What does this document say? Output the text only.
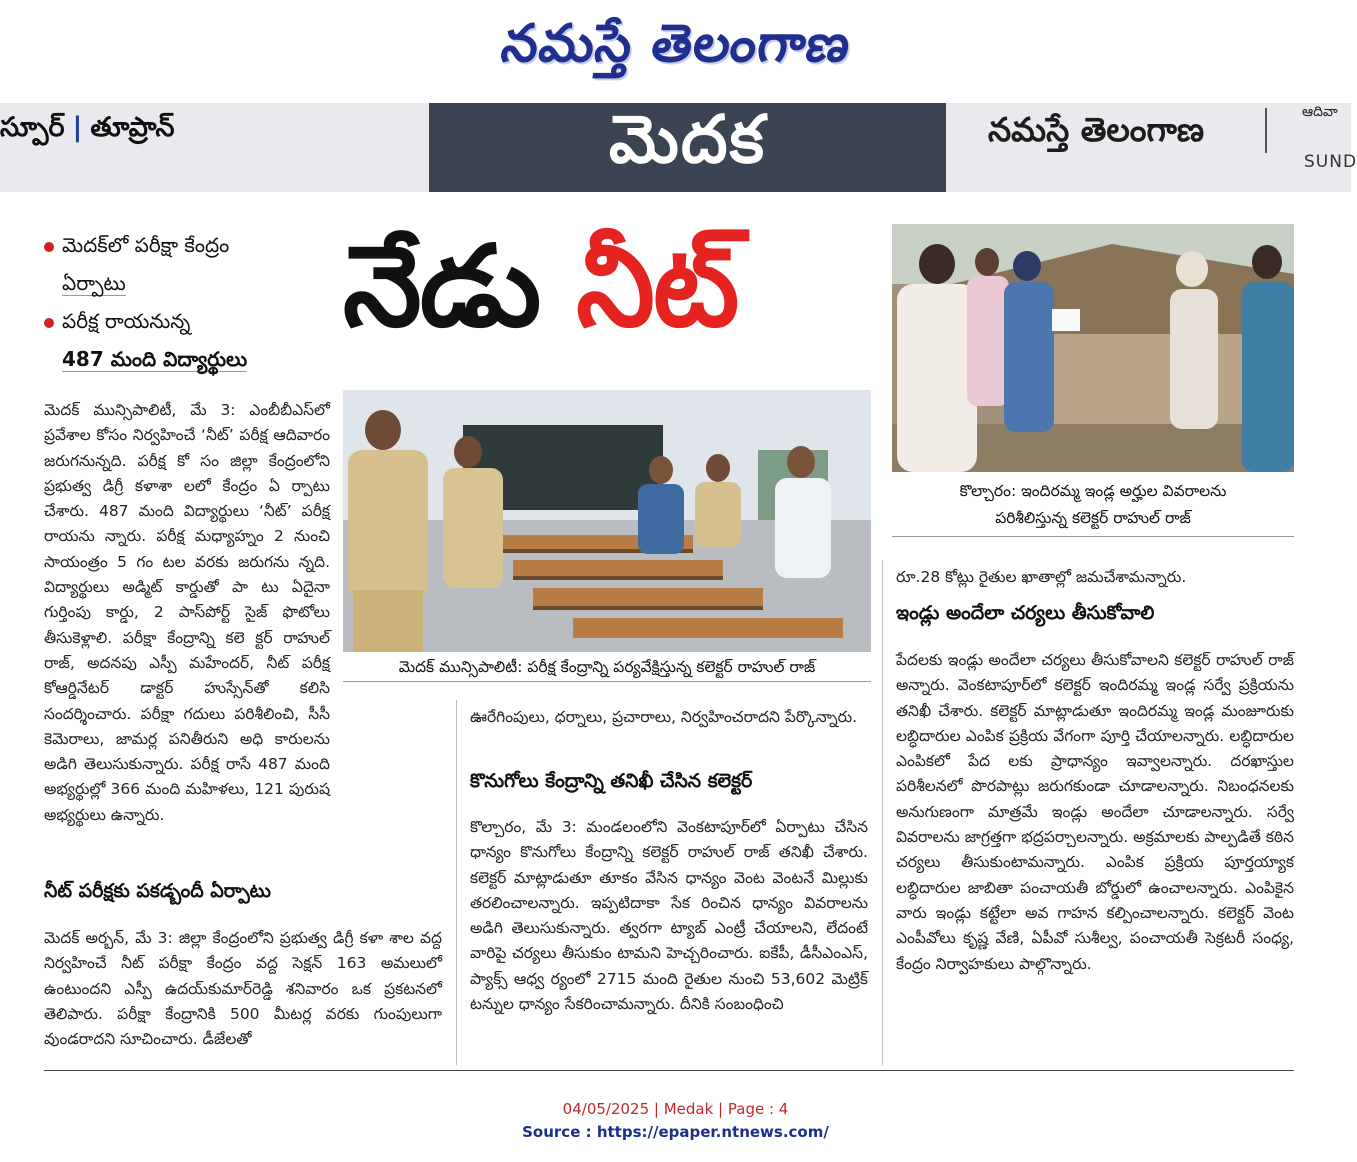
నమస్తే తెలంగాణ
స్పూర్ | తూప్రాన్	మెదక	నమస్తే తెలంగాణ	ఆదివా
SUND
మెదక్‌లో పరీక్షా కేంద్రం
ఏర్పాటు
పరీక్ష రాయనున్న
487 మంది విద్యార్థులు
నేడు నీట్
మెదక్ మున్సిపాలిటీ: పరీక్ష కేంద్రాన్ని పర్యవేక్షిస్తున్న కలెక్టర్ రాహుల్ రాజ్
కొల్చారం: ఇందిరమ్మ ఇండ్ల అర్హుల వివరాలను
పరిశీలిస్తున్న కలెక్టర్ రాహుల్ రాజ్
మెదక్ మున్సిపాలిటీ, మే 3: ఎంబీబీఎస్‌లో ప్రవేశాల కోసం నిర్వహించే ‘నీట్’ పరీక్ష ఆదివారం జరుగనున్నది. పరీక్ష కో సం జిల్లా కేంద్రంలోని ప్రభుత్వ డిగ్రీ కళాశా లలో కేంద్రం ఏ ర్పాటు చేశారు. 487 మంది విద్యార్థులు ‘నీట్’ పరీక్ష రాయను న్నారు. పరీక్ష మధ్యాహ్నం 2 నుంచి సాయంత్రం 5 గం టల వరకు జరుగను న్నది. విద్యార్థులు అడ్మిట్ కార్డుతో పా టు ఏదైనా గుర్తింపు కార్డు, 2 పాస్‌పోర్ట్ సైజ్ ఫొటోలు తీసుకెళ్లాలి. పరీక్షా కేంద్రాన్ని కలె క్టర్ రాహుల్ రాజ్, అదనపు ఎస్పీ మహేందర్, నీట్ పరీక్ష కోఆర్డినేటర్ డాక్టర్ హుస్సేన్‌తో కలిసి సందర్శించారు. పరీక్షా గదులు పరిశీలించి, సీసీ కెమెరాలు, జామర్ల పనితీరుని అధి కారులను అడిగి తెలుసుకున్నారు. పరీక్ష రాసే 487 మంది అభ్యర్థుల్లో 366 మంది మహిళలు, 121 పురుష అభ్యర్థులు ఉన్నారు.
నీట్ పరీక్షకు పకడ్బందీ ఏర్పాటు
మెదక్ అర్బన్, మే 3: జిల్లా కేంద్రంలోని ప్రభుత్వ డిగ్రీ కళా శాల వద్ద నిర్వహించే నీట్ పరీక్షా కేంద్రం వద్ద సెక్షన్ 163 అమలులో ఉంటుందని ఎస్పీ ఉదయ్‌కుమార్‌రెడ్డి శనివారం ఒక ప్రకటనలో తెలిపారు. పరీక్షా కేంద్రానికి 500 మీటర్ల వరకు గుంపులుగా వుండరాదని సూచించారు. డీజేలతో
ఊరేగింపులు, ధర్నాలు, ప్రచారాలు, నిర్వహించరాదని పేర్కొన్నారు.
కొనుగోలు కేంద్రాన్ని తనిఖీ చేసిన కలెక్టర్
కొల్చారం, మే 3: మండలంలోని వెంకటాపూర్‌లో ఏర్పాటు చేసిన ధాన్యం కొనుగోలు కేంద్రాన్ని కలెక్టర్ రాహుల్ రాజ్ తనిఖీ చేశారు. కలెక్టర్ మాట్లాడుతూ తూకం వేసిన ధాన్యం వెంట వెంటనే మిల్లుకు తరలించాలన్నారు. ఇప్పటిదాకా సేక రించిన ధాన్యం వివరాలను అడిగి తెలుసుకున్నారు. త్వరగా ట్యాబ్ ఎంట్రీ చేయాలని, లేదంటే వారిపై చర్యలు తీసుకుం టామని హెచ్చరించారు. ఐకేపీ, డీసీఎంఎస్, ప్యాక్స్ ఆధ్వ ర్యంలో 2715 మంది రైతుల నుంచి 53,602 మెట్రిక్ టన్నుల ధాన్యం సేకరించామన్నారు. దీనికి సంబంధించి
రూ.28 కోట్లు రైతుల ఖాతాల్లో జమచేశామన్నారు.
ఇండ్లు అందేలా చర్యలు తీసుకోవాలి
పేదలకు ఇండ్లు అందేలా చర్యలు తీసుకోవాలని కలెక్టర్ రాహుల్ రాజ్ అన్నారు. వెంకటాపూర్‌లో కలెక్టర్ ఇందిరమ్మ ఇండ్ల సర్వే ప్రక్రియను తనిఖీ చేశారు. కలెక్టర్ మాట్లాడుతూ ఇందిరమ్మ ఇండ్ల మంజూరుకు లబ్ధిదారుల ఎంపిక ప్రక్రియ వేగంగా పూర్తి చేయాలన్నారు. లబ్ధిదారుల ఎంపికలో పేద లకు ప్రాధాన్యం ఇవ్వాలన్నారు. దరఖాస్తుల పరిశీలనలో పొరపాట్లు జరుగకుండా చూడాలన్నారు. నిబంధనలకు అనుగుణంగా మాత్రమే ఇండ్లు అందేలా చూడాలన్నారు. సర్వే వివరాలను జాగ్రత్తగా భద్రపర్చాలన్నారు. అక్రమాలకు పాల్పడితే కఠిన చర్యలు తీసుకుంటామన్నారు. ఎంపిక ప్రక్రియ పూర్తయ్యాక లబ్ధిదారుల జాబితా పంచాయతీ బోర్డులో ఉంచాలన్నారు. ఎంపికైన వారు ఇండ్లు కట్టేలా అవ గాహన కల్పించాలన్నారు. కలెక్టర్ వెంట ఎంపీవోలు కృష్ణ వేణి, ఏపీవో సుశీల్వ, పంచాయతీ సెక్రటరీ సంధ్య, కేంద్రం నిర్వాహకులు పాల్గొన్నారు.
04/05/2025 | Medak | Page : 4
Source : https://epaper.ntnews.com/
